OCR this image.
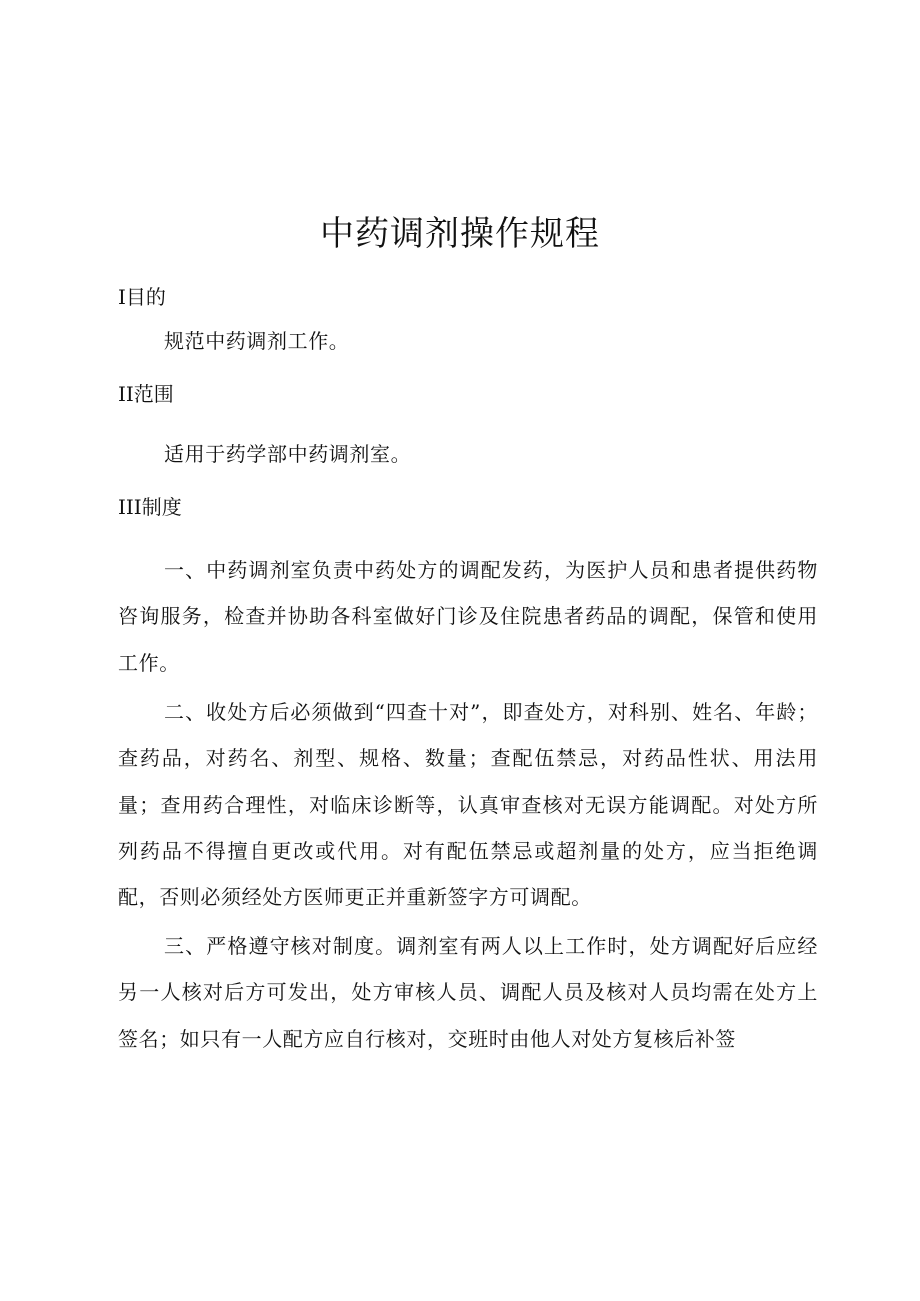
中药调剂操作规程
I目的

规范中药调剂工作。

II范围

适用于药学部中药调剂室。

III制度

一、中药调剂室负责中药处方的调配发药，为医护人员和患者提供药物咨询服务，检查并协助各科室做好门诊及住院患者药品的调配，保管和使用工作。

二、收处方后必须做到“四查十对”，即查处方，对科别、姓名、年龄；查药品，对药名、剂型、规格、数量；查配伍禁忌，对药品性状、用法用量；查用药合理性，对临床诊断等，认真审查核对无误方能调配。对处方所列药品不得擅自更改或代用。对有配伍禁忌或超剂量的处方，应当拒绝调配，否则必须经处方医师更正并重新签字方可调配。

三、严格遵守核对制度。调剂室有两人以上工作时，处方调配好后应经另一人核对后方可发出，处方审核人员、调配人员及核对人员均需在处方上签名；如只有一人配方应自行核对，交班时由他人对处方复核后补签
